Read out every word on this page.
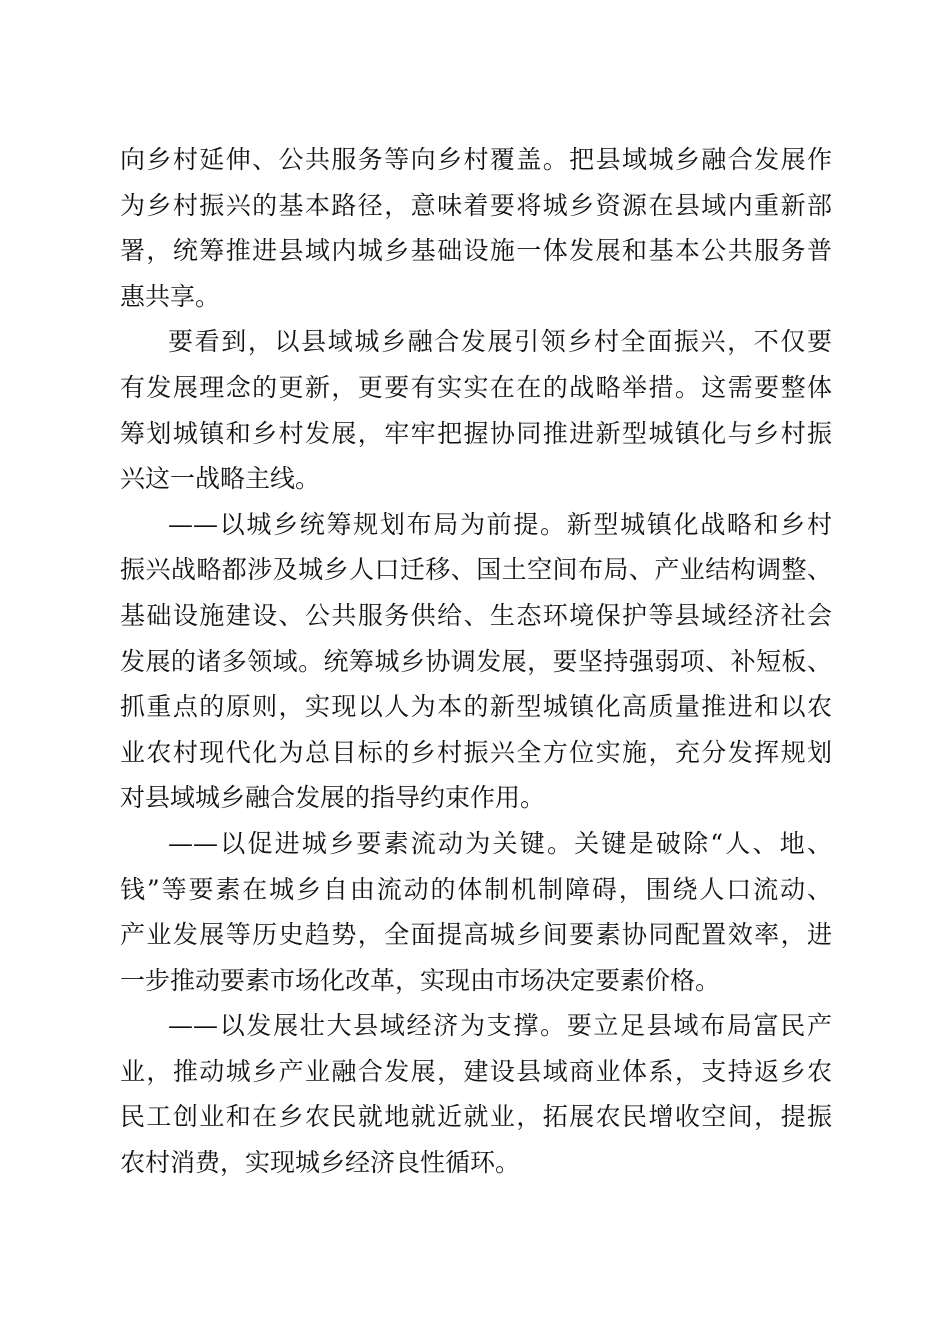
向乡村延伸、公共服务等向乡村覆盖。把县域城乡融合发展作
为乡村振兴的基本路径，意味着要将城乡资源在县域内重新部
署，统筹推进县域内城乡基础设施一体发展和基本公共服务普
惠共享。
要看到，以县域城乡融合发展引领乡村全面振兴，不仅要
有发展理念的更新，更要有实实在在的战略举措。这需要整体
筹划城镇和乡村发展，牢牢把握协同推进新型城镇化与乡村振
兴这一战略主线。
——以城乡统筹规划布局为前提。新型城镇化战略和乡村
振兴战略都涉及城乡人口迁移、国土空间布局、产业结构调整、
基础设施建设、公共服务供给、生态环境保护等县域经济社会
发展的诸多领域。统筹城乡协调发展，要坚持强弱项、补短板、
抓重点的原则，实现以人为本的新型城镇化高质量推进和以农
业农村现代化为总目标的乡村振兴全方位实施，充分发挥规划
对县域城乡融合发展的指导约束作用。
——以促进城乡要素流动为关键。关键是破除“人、地、
钱”等要素在城乡自由流动的体制机制障碍，围绕人口流动、
产业发展等历史趋势，全面提高城乡间要素协同配置效率，进
一步推动要素市场化改革，实现由市场决定要素价格。
——以发展壮大县域经济为支撑。要立足县域布局富民产
业，推动城乡产业融合发展，建设县域商业体系，支持返乡农
民工创业和在乡农民就地就近就业，拓展农民增收空间，提振
农村消费，实现城乡经济良性循环。
